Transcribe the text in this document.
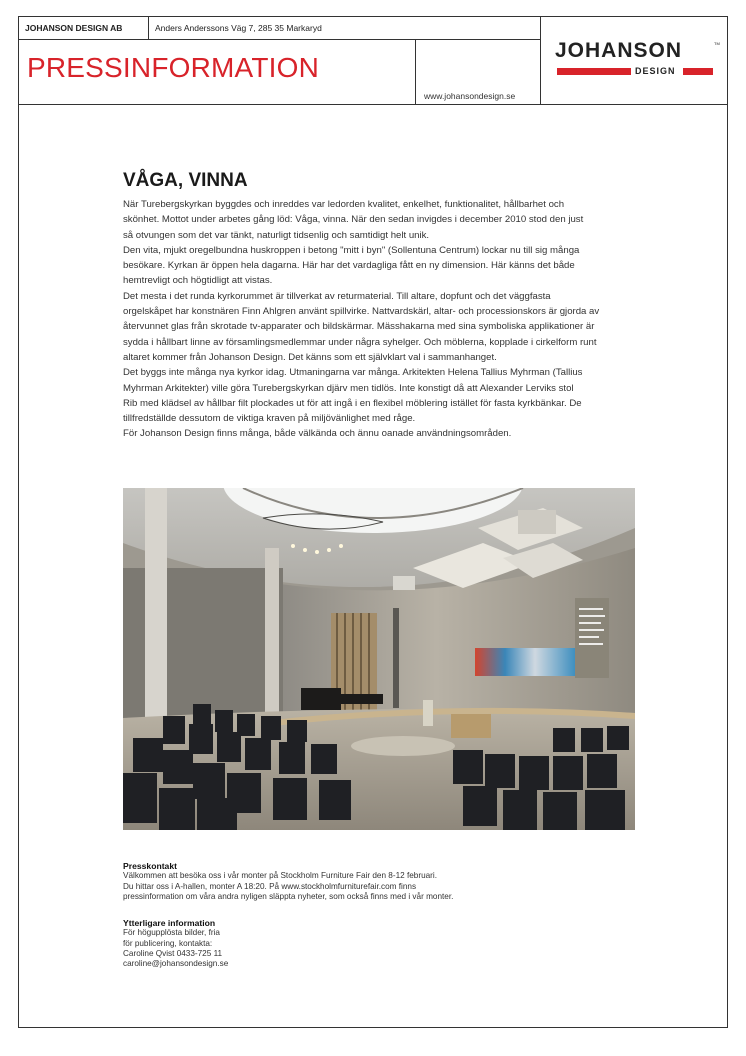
JOHANSON DESIGN AB	Anders Anderssons Väg 7, 285 35 Markaryd
PRESSINFORMATION
www.johansondesign.se
JOHANSON
DESIGN
TM
VÅGA, VINNA

När Turebergskyrkan byggdes och inreddes var ledorden kvalitet, enkelhet, funktionalitet, hållbarhet och

skönhet. Mottot under arbetes gång löd: Våga, vinna. När den sedan invigdes i december 2010 stod den just

så otvungen som det var tänkt, naturligt tidsenlig och samtidigt helt unik.

Den vita, mjukt oregelbundna huskroppen i betong "mitt i byn" (Sollentuna Centrum) lockar nu till sig många

besökare. Kyrkan är öppen hela dagarna. Här har det vardagliga fått en ny dimension. Här känns det både

hemtrevligt och högtidligt att vistas.

Det mesta i det runda kyrkorummet är tillverkat av returmaterial. Till altare, dopfunt och det väggfasta

orgelskåpet har konstnären Finn Ahlgren använt spillvirke. Nattvardskärl, altar- och processionskors är gjorda av

återvunnet glas från skrotade tv-apparater och bildskärmar. Mässhakarna med sina symboliska applikationer är

sydda i hållbart linne av församlingsmedlemmar under några syhelger. Och möblerna, kopplade i cirkelform runt

altaret kommer från Johanson Design. Det känns som ett självklart val i sammanhanget.

Det byggs inte många nya kyrkor idag. Utmaningarna var många. Arkitekten Helena Tallius Myhrman (Tallius

Myhrman Arkitekter) ville göra Turebergskyrkan djärv men tidlös. Inte konstigt då att Alexander Lerviks stol

Rib med klädsel av hållbar filt plockades ut för att ingå i en flexibel möblering istället för fasta kyrkbänkar. De

tillfredställde dessutom de viktiga kraven på miljövänlighet med råge.

För Johanson Design finns många, både välkända och ännu oanade användningsområden.

Presskontakt

Välkommen att besöka oss i vår monter på Stockholm Furniture Fair den 8-12 februari.

Du hittar oss i A-hallen, monter A 18:20. På www.stockholmfurniturefair.com finns

pressinformation om våra andra nyligen släppta nyheter, som också finns med i vår monter.

Ytterligare information

För högupplösta bilder, fria

för publicering, kontakta:

Caroline Qvist 0433-725 11

caroline@johansondesign.se
